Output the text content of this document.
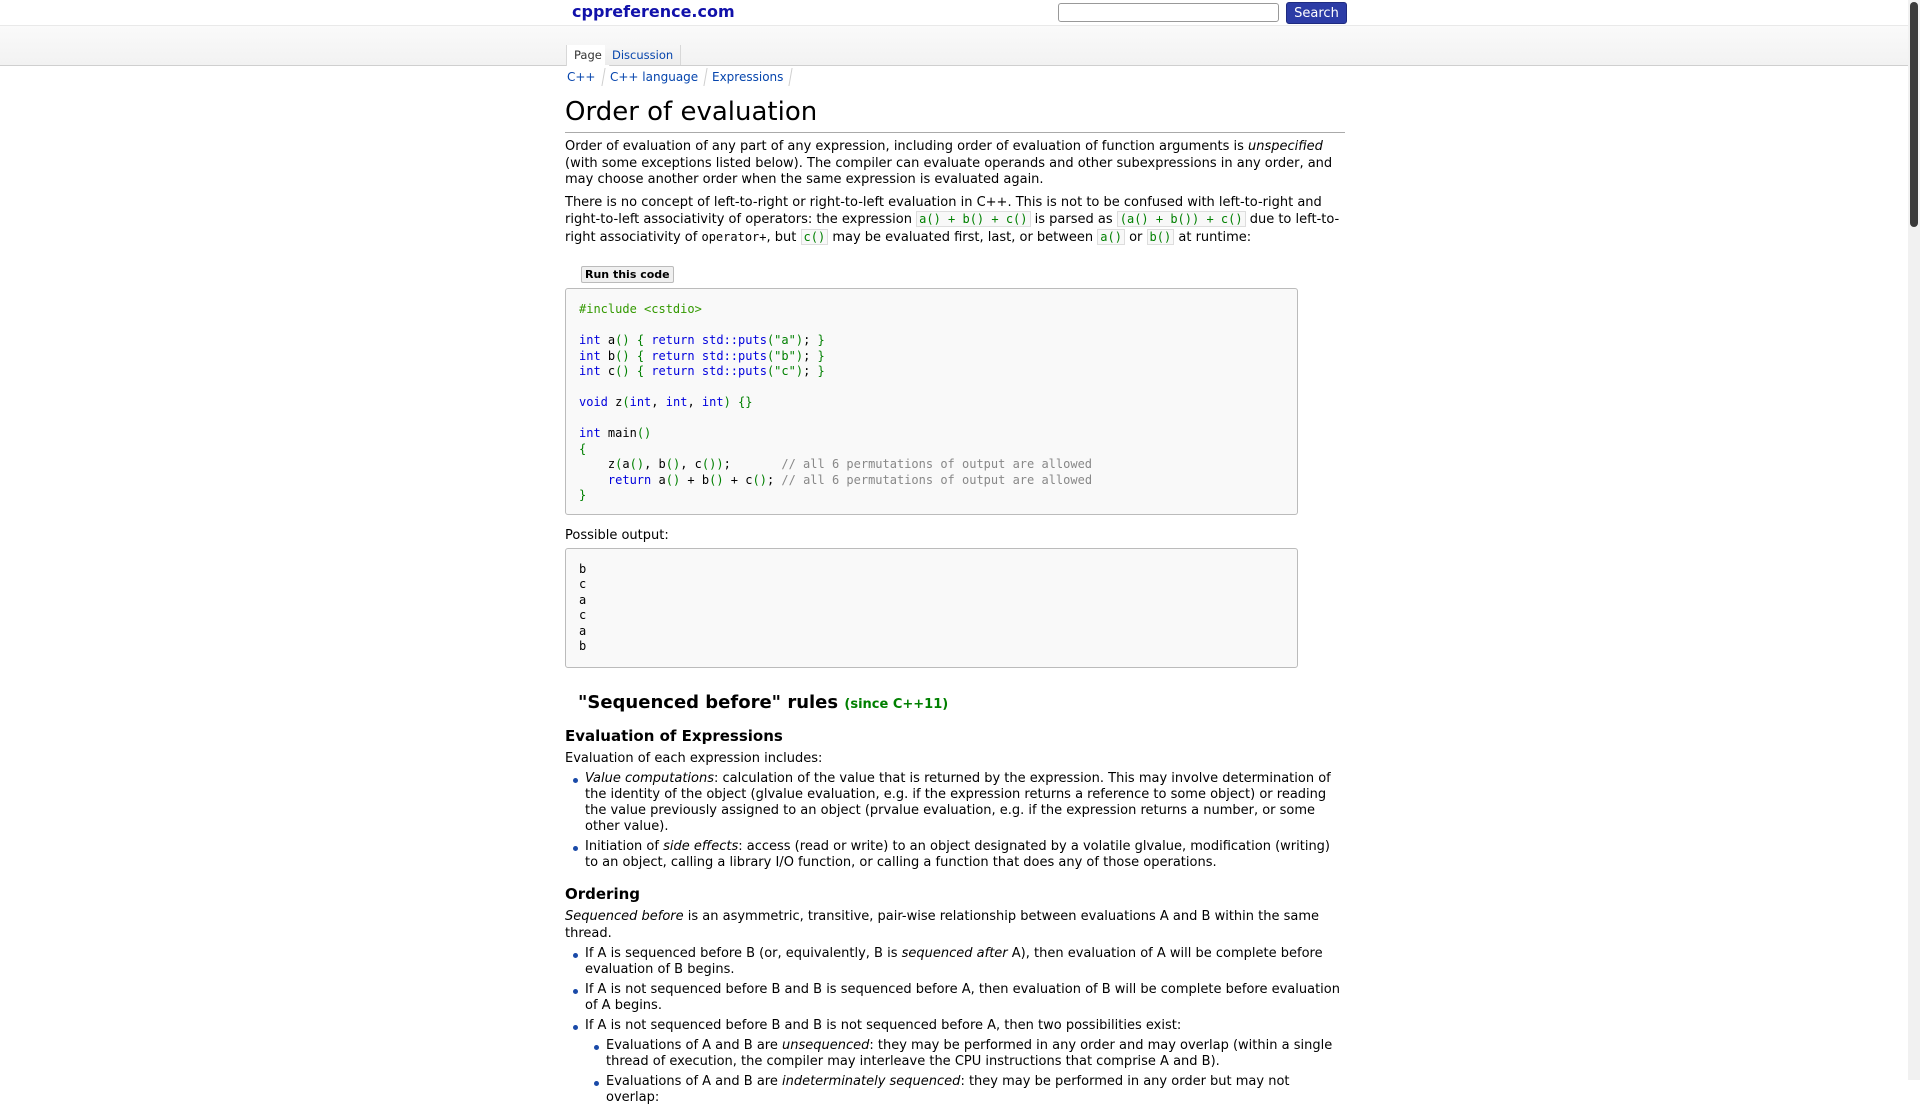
cppreference.com	Search
Page Discussion
C++ C++ language Expressions
Order of evaluation

Order of evaluation of any part of any expression, including order of evaluation of function arguments is unspecified (with some exceptions listed below). The compiler can evaluate operands and other subexpressions in any order, and may choose another order when the same expression is evaluated again.

There is no concept of left-to-right or right-to-left evaluation in C++. This is not to be confused with left-to-right and right-to-left associativity of operators: the expression a() + b() + c() is parsed as (a() + b()) + c() due to left-to-right associativity of operator+, but c() may be evaluated first, last, or between a() or b() at runtime:

Run this code
#include <cstdio>

int a() { return std::puts("a"); }
int b() { return std::puts("b"); }
int c() { return std::puts("c"); }

void z(int, int, int) {}

int main()
{
z(a(), b(), c());       // all 6 permutations of output are allowed
return a() + b() + c(); // all 6 permutations of output are allowed
}
Possible output:
b
c
a
c
a
b
"Sequenced before" rules (since C++11)
Evaluation of Expressions

Evaluation of each expression includes:

Value computations: calculation of the value that is returned by the expression. This may involve determination of the identity of the object (glvalue evaluation, e.g. if the expression returns a reference to some object) or reading the value previously assigned to an object (prvalue evaluation, e.g. if the expression returns a number, or some other value).
Initiation of side effects: access (read or write) to an object designated by a volatile glvalue, modification (writing) to an object, calling a library I/O function, or calling a function that does any of those operations.
Ordering

Sequenced before is an asymmetric, transitive, pair-wise relationship between evaluations A and B within the same thread.

If A is sequenced before B (or, equivalently, B is sequenced after A), then evaluation of A will be complete before evaluation of B begins.
If A is not sequenced before B and B is sequenced before A, then evaluation of B will be complete before evaluation of A begins.
If A is not sequenced before B and B is not sequenced before A, then two possibilities exist:
Evaluations of A and B are unsequenced: they may be performed in any order and may overlap (within a single thread of execution, the compiler may interleave the CPU instructions that comprise A and B).
Evaluations of A and B are indeterminately sequenced: they may be performed in any order but may not overlap:
